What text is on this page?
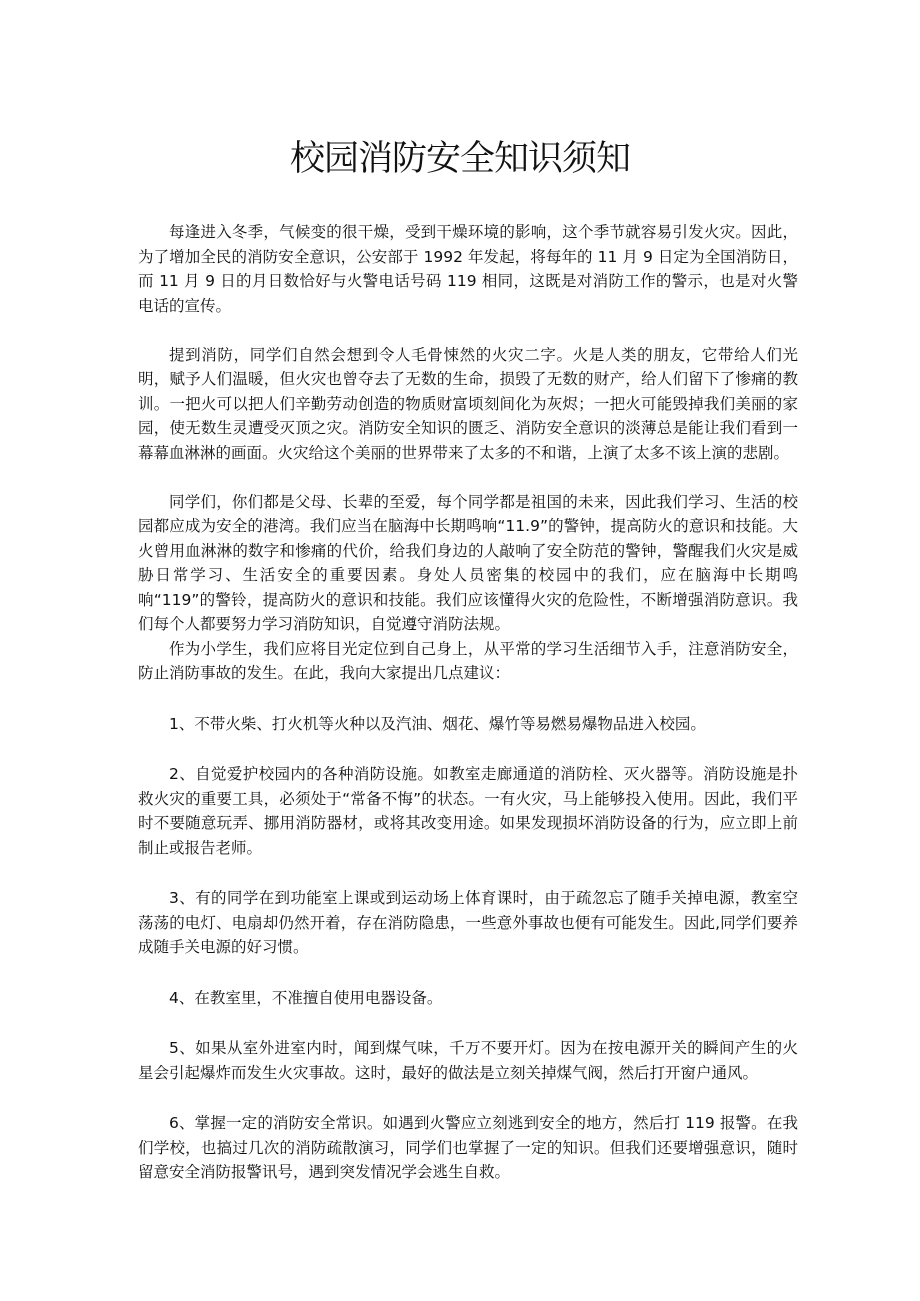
校园消防安全知识须知

每逢进入冬季，气候变的很干燥，受到干燥环境的影响，这个季节就容易引发火灾。因此，为了增加全民的消防安全意识，公安部于 1992 年发起，将每年的 11 月 9 日定为全国消防日，而 11 月 9 日的月日数恰好与火警电话号码 119 相同，这既是对消防工作的警示，也是对火警电话的宣传。

提到消防，同学们自然会想到令人毛骨悚然的火灾二字。火是人类的朋友，它带给人们光明，赋予人们温暖，但火灾也曾夺去了无数的生命，损毁了无数的财产，给人们留下了惨痛的教训。一把火可以把人们辛勤劳动创造的物质财富顷刻间化为灰烬；一把火可能毁掉我们美丽的家园，使无数生灵遭受灭顶之灾。消防安全知识的匮乏、消防安全意识的淡薄总是能让我们看到一幕幕血淋淋的画面。火灾给这个美丽的世界带来了太多的不和谐，上演了太多不该上演的悲剧。

同学们，你们都是父母、长辈的至爱，每个同学都是祖国的未来，因此我们学习、生活的校园都应成为安全的港湾。我们应当在脑海中长期鸣响“11.9”的警钟，提高防火的意识和技能。大火曾用血淋淋的数字和惨痛的代价，给我们身边的人敲响了安全防范的警钟，警醒我们火灾是威胁日常学习、生活安全的重要因素。身处人员密集的校园中的我们，应在脑海中长期鸣响“119”的警铃，提高防火的意识和技能。我们应该懂得火灾的危险性，不断增强消防意识。我们每个人都要努力学习消防知识，自觉遵守消防法规。

作为小学生，我们应将目光定位到自己身上，从平常的学习生活细节入手，注意消防安全，防止消防事故的发生。在此，我向大家提出几点建议：

1、不带火柴、打火机等火种以及汽油、烟花、爆竹等易燃易爆物品进入校园。

2、自觉爱护校园内的各种消防设施。如教室走廊通道的消防栓、灭火器等。消防设施是扑救火灾的重要工具，必须处于“常备不悔”的状态。一有火灾，马上能够投入使用。因此，我们平时不要随意玩弄、挪用消防器材，或将其改变用途。如果发现损坏消防设备的行为，应立即上前制止或报告老师。

3、有的同学在到功能室上课或到运动场上体育课时，由于疏忽忘了随手关掉电源，教室空荡荡的电灯、电扇却仍然开着，存在消防隐患，一些意外事故也便有可能发生。因此,同学们要养成随手关电源的好习惯。

4、在教室里，不准擅自使用电器设备。

5、如果从室外进室内时，闻到煤气味，千万不要开灯。因为在按电源开关的瞬间产生的火星会引起爆炸而发生火灾事故。这时，最好的做法是立刻关掉煤气阀，然后打开窗户通风。

6、掌握一定的消防安全常识。如遇到火警应立刻逃到安全的地方，然后打 119 报警。在我们学校，也搞过几次的消防疏散演习，同学们也掌握了一定的知识。但我们还要增强意识，随时留意安全消防报警讯号，遇到突发情况学会逃生自救。
